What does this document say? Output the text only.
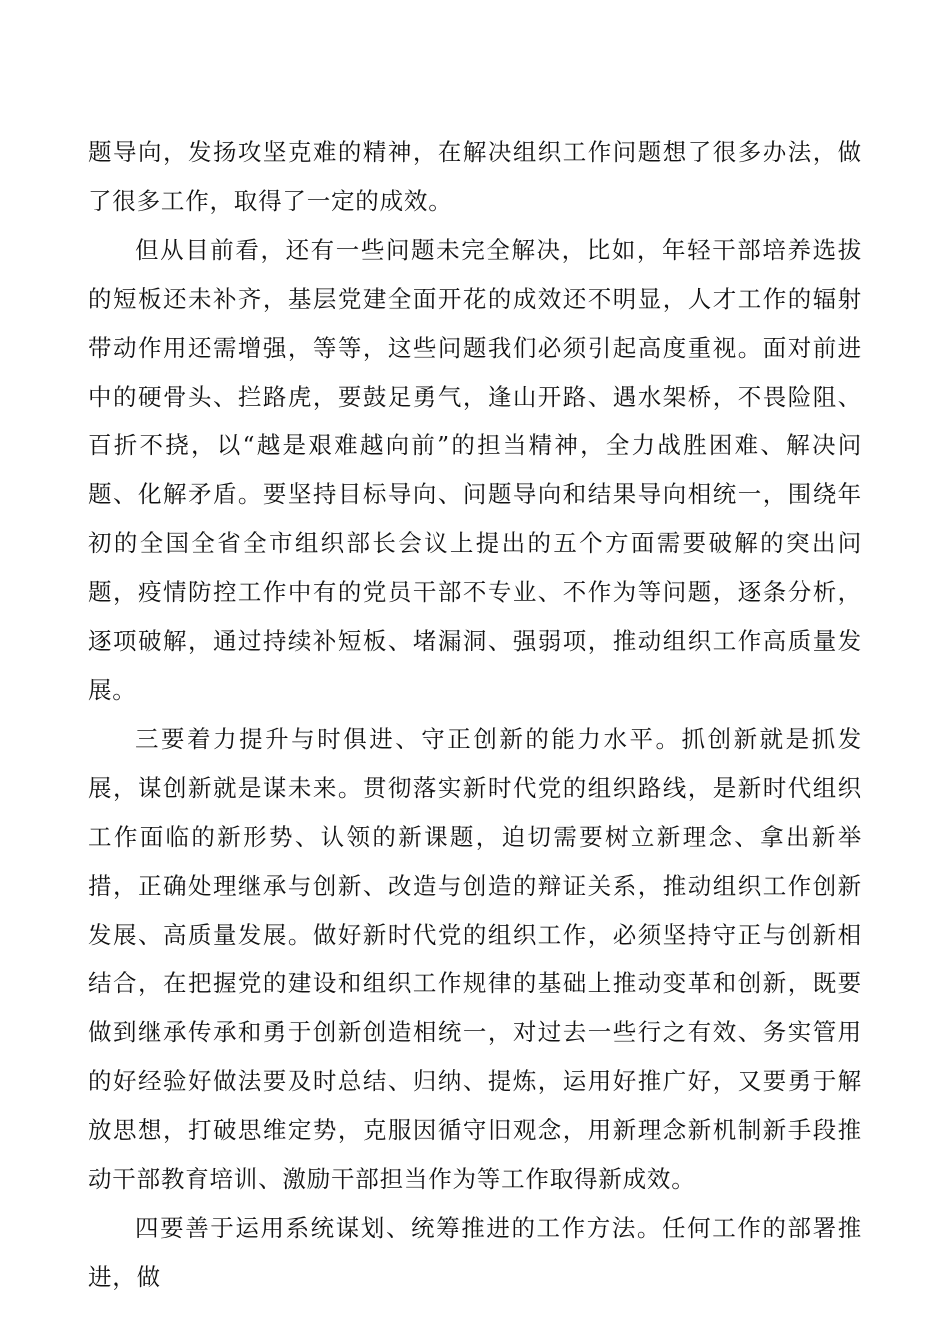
题导向，发扬攻坚克难的精神，在解决组织工作问题想了很多办法，做了很多工作，取得了一定的成效。

但从目前看，还有一些问题未完全解决，比如，年轻干部培养选拔的短板还未补齐，基层党建全面开花的成效还不明显，人才工作的辐射带动作用还需增强，等等，这些问题我们必须引起高度重视。面对前进中的硬骨头、拦路虎，要鼓足勇气，逢山开路、遇水架桥，不畏险阻、百折不挠，以“越是艰难越向前”的担当精神，全力战胜困难、解决问题、化解矛盾。要坚持目标导向、问题导向和结果导向相统一，围绕年初的全国全省全市组织部长会议上提出的五个方面需要破解的突出问题，疫情防控工作中有的党员干部不专业、不作为等问题，逐条分析，逐项破解，通过持续补短板、堵漏洞、强弱项，推动组织工作高质量发展。

三要着力提升与时俱进、守正创新的能力水平。抓创新就是抓发展，谋创新就是谋未来。贯彻落实新时代党的组织路线，是新时代组织工作面临的新形势、认领的新课题，迫切需要树立新理念、拿出新举措，正确处理继承与创新、改造与创造的辩证关系，推动组织工作创新发展、高质量发展。做好新时代党的组织工作，必须坚持守正与创新相结合，在把握党的建设和组织工作规律的基础上推动变革和创新，既要做到继承传承和勇于创新创造相统一，对过去一些行之有效、务实管用的好经验好做法要及时总结、归纳、提炼，运用好推广好，又要勇于解放思想，打破思维定势，克服因循守旧观念，用新理念新机制新手段推动干部教育培训、激励干部担当作为等工作取得新成效。

四要善于运用系统谋划、统筹推进的工作方法。任何工作的部署推进，做
